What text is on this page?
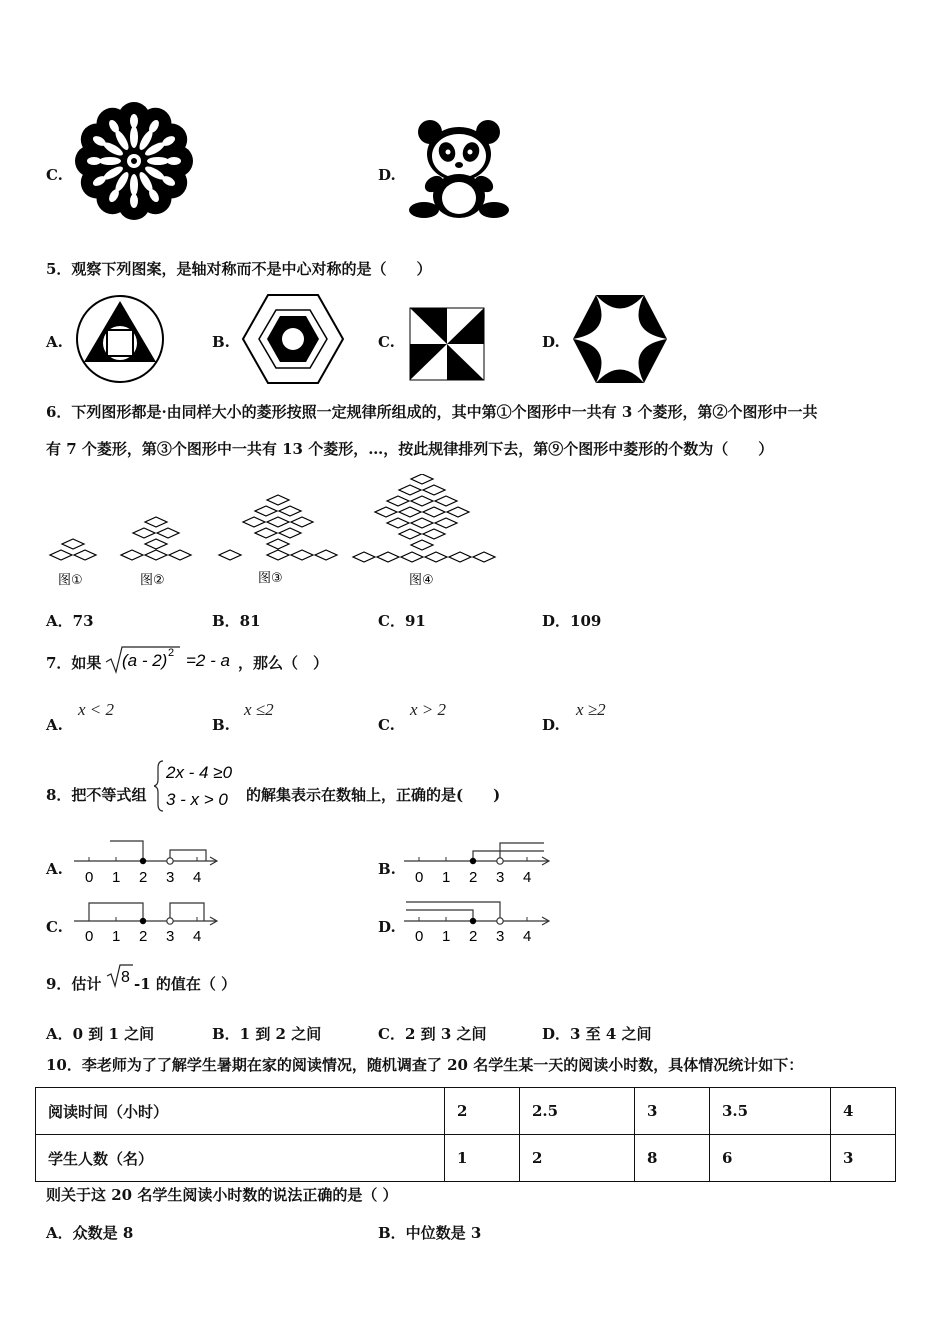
C.	D.
5．观察下列图案，是轴对称而不是中心对称的是（　　）
A.	B.	C.	D.
6．下列图形都是·由同样大小的菱形按照一定规律所组成的，其中第①个图形中一共有 3 个菱形，第②个图形中一共
有 7 个菱形，第③个图形中一共有 13 个菱形，…，按此规律排列下去，第⑨个图形中菱形的个数为（　　）
图①	图②	图③	图④
A．73	B．81	C．91	D．109
7．如果 (a - 2) 2 =2 - a ，那么（　）
A.
x < 2
B.
x ≤2
C.
x > 2
D.
x ≥2
8．把不等式组
2x - 4 ≥0
3 - x > 0 的解集表示在数轴上，正确的是(　　)
A. 0 1 2 3 4	B. 0 1 2 3 4
C.
0 1 2 3 4
D.
0 1 2 3 4
9．估计 8 -1 的值在（ ）
A．0 到 1 之间	B．1 到 2 之间	C．2 到 3 之间	D．3 至 4 之间
10．李老师为了了解学生暑期在家的阅读情况，随机调查了 20 名学生某一天的阅读小时数，具体情况统计如下：
阅读时间（小时）	2	2.5	3	3.5	4
学生人数（名）	1	2	8	6	3
则关于这 20 名学生阅读小时数的说法正确的是（ ）
A．众数是 8	B．中位数是 3
